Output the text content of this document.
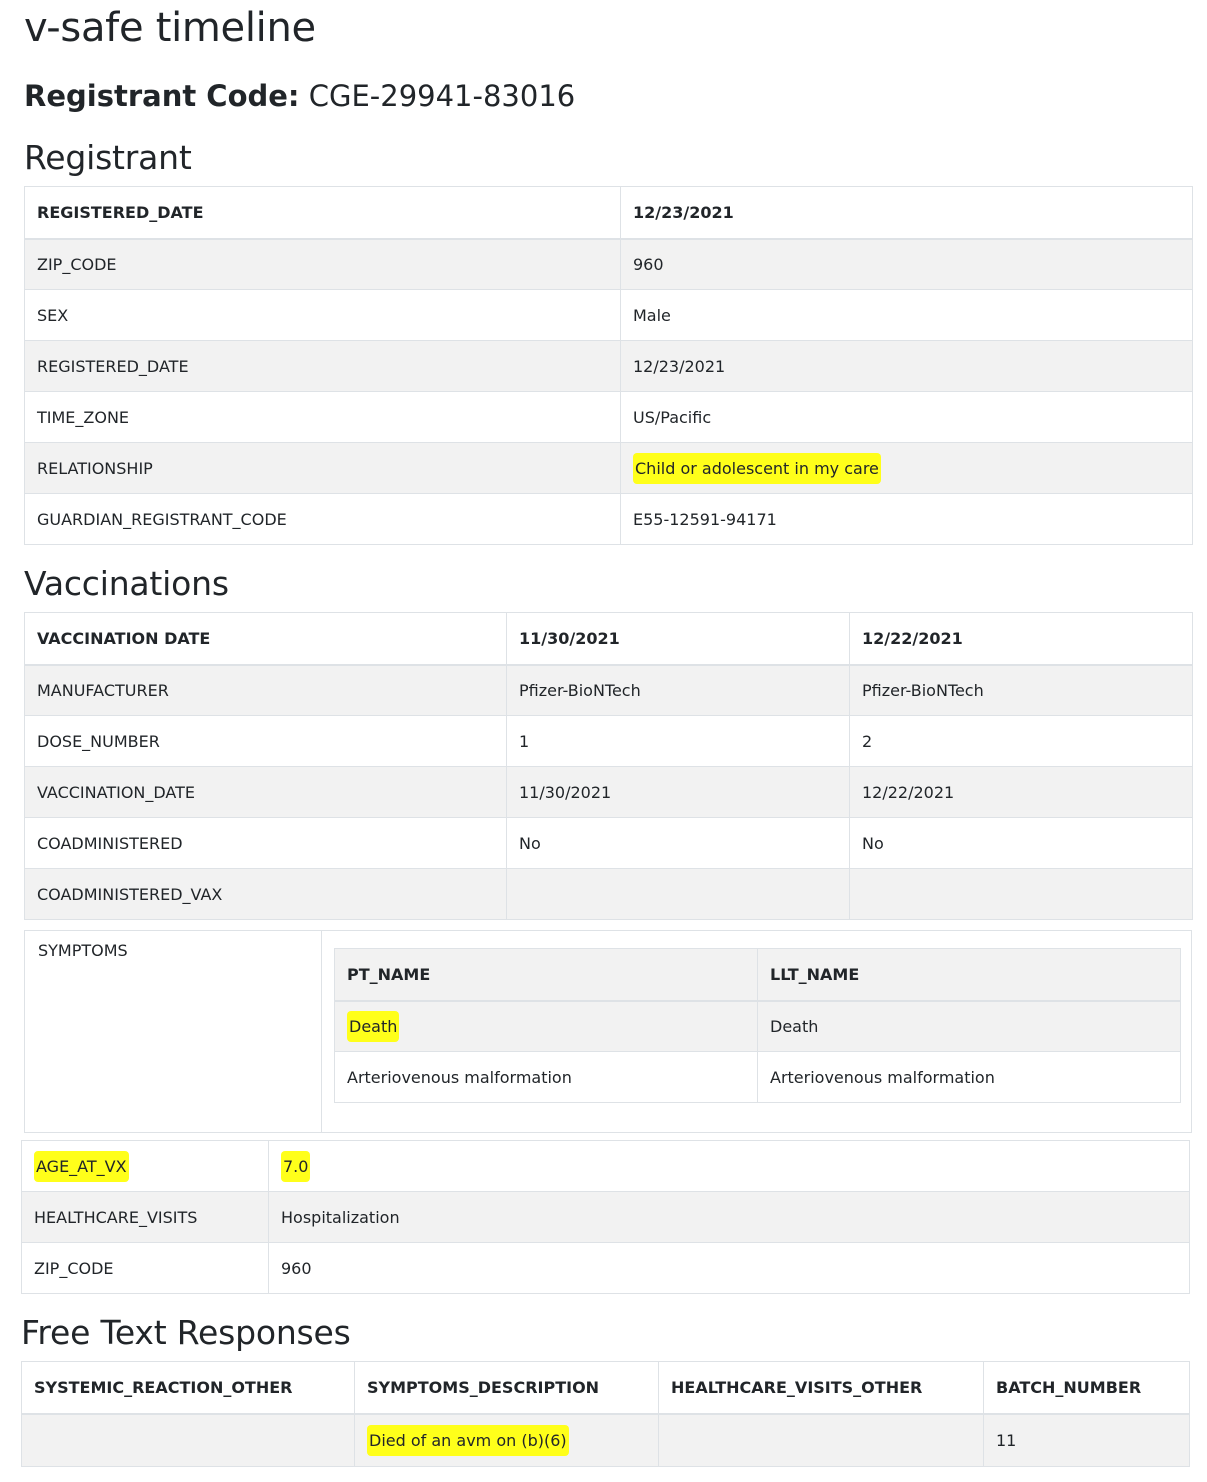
v-safe timeline
Registrant Code: CGE-29941-83016
Registrant
REGISTERED_DATE	12/23/2021
ZIP_CODE	960
SEX	Male
REGISTERED_DATE	12/23/2021
TIME_ZONE	US/Pacific
RELATIONSHIP	Child or adolescent in my care
GUARDIAN_REGISTRANT_CODE	E55-12591-94171
Vaccinations
VACCINATION DATE	11/30/2021	12/22/2021
MANUFACTURER	Pfizer-BioNTech	Pfizer-BioNTech
DOSE_NUMBER	1	2
VACCINATION_DATE	11/30/2021	12/22/2021
COADMINISTERED	No	No
COADMINISTERED_VAX		
SYMPTOMS
PT_NAME	LLT_NAME
Death	Death
Arteriovenous malformation	Arteriovenous malformation
AGE_AT_VX	7.0
HEALTHCARE_VISITS	Hospitalization
ZIP_CODE	960
Free Text Responses
SYSTEMIC_REACTION_OTHER	SYMPTOMS_DESCRIPTION	HEALTHCARE_VISITS_OTHER	BATCH_NUMBER
	Died of an avm on (b)(6)		11
